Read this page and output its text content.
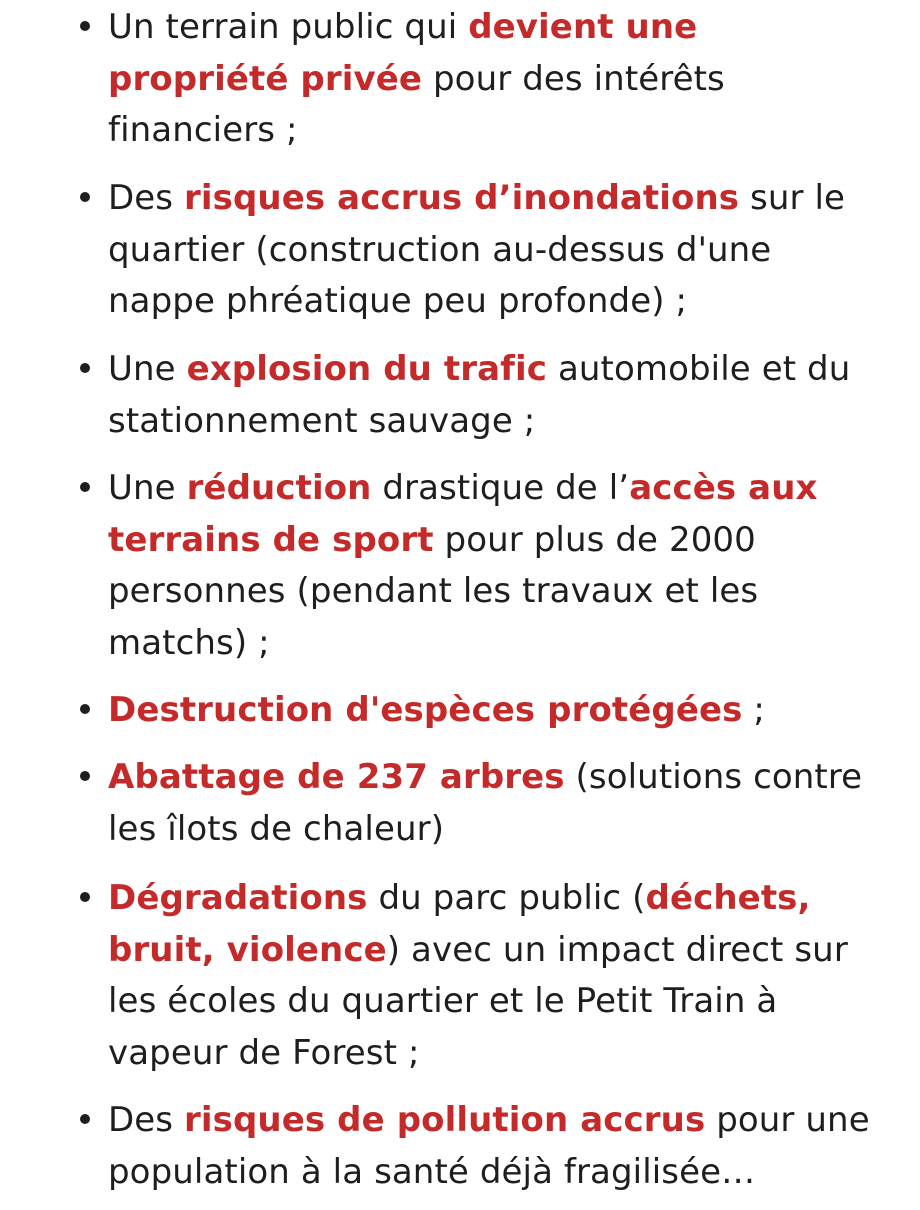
Un terrain public qui devient une propriété privée pour des intérêts financiers ;
Des risques accrus d’inondations sur le quartier (construction au-dessus d'une nappe phréatique peu profonde) ;
Une explosion du trafic automobile et du stationnement sauvage ;
Une réduction drastique de l’accès aux terrains de sport pour plus de 2000 personnes (pendant les travaux et les matchs) ;
Destruction d'espèces protégées ;
Abattage de 237 arbres (solutions contre les îlots de chaleur)
Dégradations du parc public (déchets, bruit, violence) avec un impact direct sur les écoles du quartier et le Petit Train à vapeur de Forest ;
Des risques de pollution accrus pour une population à la santé déjà fragilisée…
